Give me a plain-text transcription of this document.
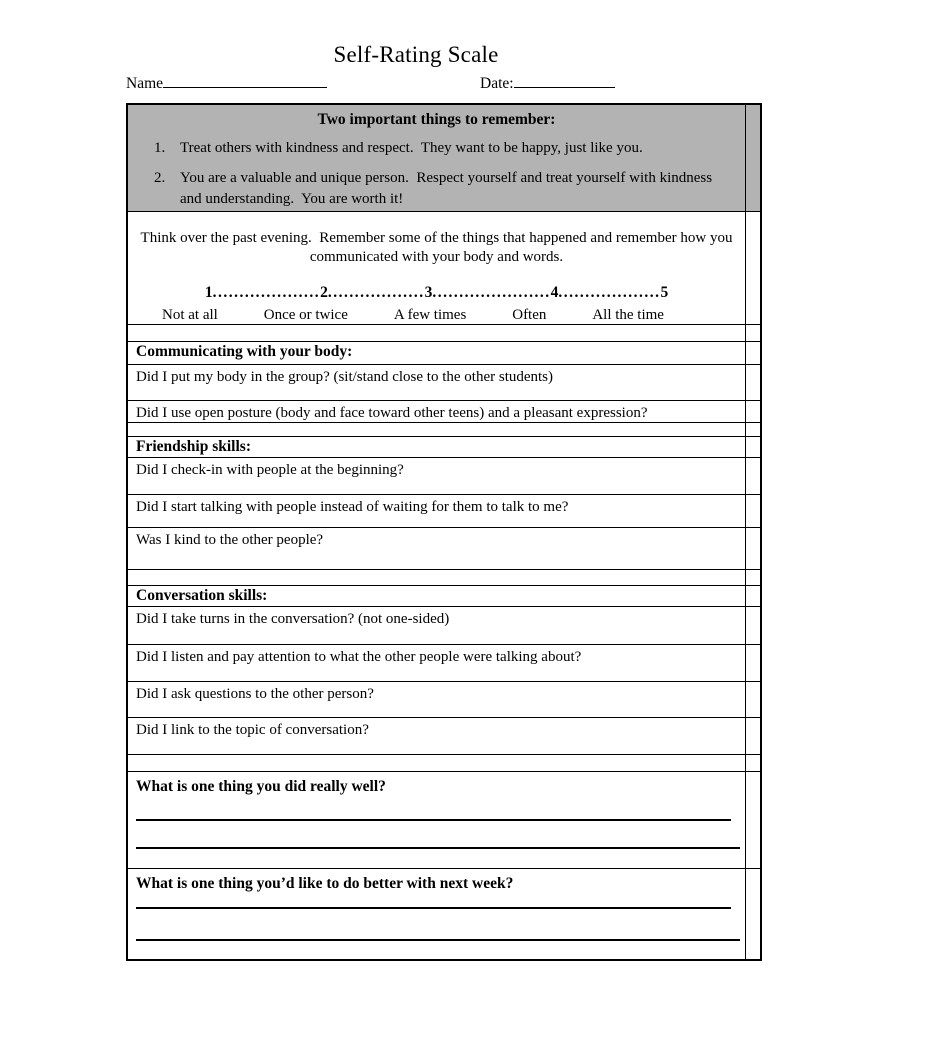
Self-Rating Scale
Name	Date:
Two important things to remember:
1. Treat others with kindness and respect.  They want to be happy, just like you.
2. You are a valuable and unique person.  Respect yourself and treat yourself with kindness and understanding.  You are worth it!
Think over the past evening.  Remember some of the things that happened and remember how you communicated with your body and words.
1....................2..................3......................4...................5
Not at all	Once or twice	A few times	Often	All the time
Communicating with your body:
Did I put my body in the group? (sit/stand close to the other students)
Did I use open posture (body and face toward other teens) and a pleasant expression?
Friendship skills:
Did I check-in with people at the beginning?
Did I start talking with people instead of waiting for them to talk to me?
Was I kind to the other people?
Conversation skills:
Did I take turns in the conversation? (not one-sided)
Did I listen and pay attention to what the other people were talking about?
Did I ask questions to the other person?
Did I link to the topic of conversation?
What is one thing you did really well?
What is one thing you’d like to do better with next week?
